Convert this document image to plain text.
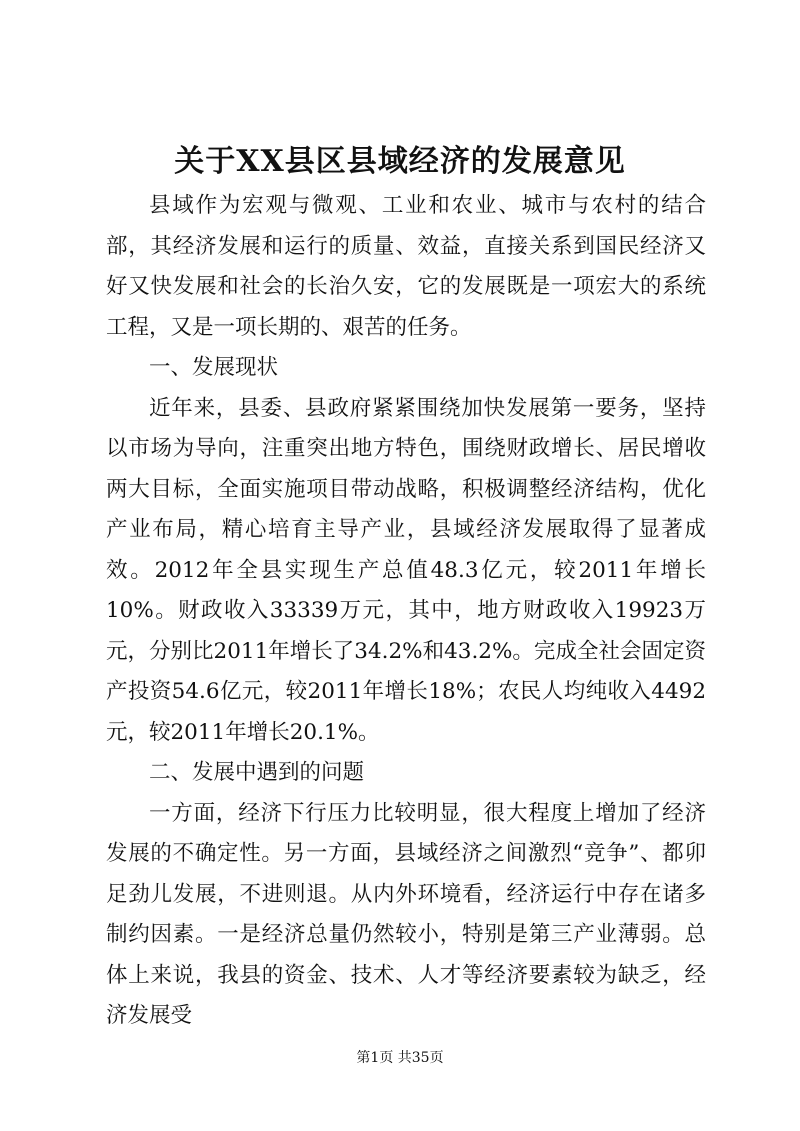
关于XX县区县域经济的发展意见

县域作为宏观与微观、工业和农业、城市与农村的结合部，其经济发展和运行的质量、效益，直接关系到国民经济又好又快发展和社会的长治久安，它的发展既是一项宏大的系统工程，又是一项长期的、艰苦的任务。

一、发展现状

近年来，县委、县政府紧紧围绕加快发展第一要务，坚持以市场为导向，注重突出地方特色，围绕财政增长、居民增收两大目标，全面实施项目带动战略，积极调整经济结构，优化产业布局，精心培育主导产业，县域经济发展取得了显著成效。2012年全县实现生产总值48.3亿元，较2011年增长10%。财政收入33339万元，其中，地方财政收入19923万元，分别比2011年增长了34.2%和43.2%。完成全社会固定资产投资54.6亿元，较2011年增长18%；农民人均纯收入4492元，较2011年增长20.1%。

二、发展中遇到的问题

一方面，经济下行压力比较明显，很大程度上增加了经济发展的不确定性。另一方面，县域经济之间激烈“竞争”、都卯足劲儿发展，不进则退。从内外环境看，经济运行中存在诸多制约因素。一是经济总量仍然较小，特别是第三产业薄弱。总体上来说，我县的资金、技术、人才等经济要素较为缺乏，经济发展受

第1页 共35页
